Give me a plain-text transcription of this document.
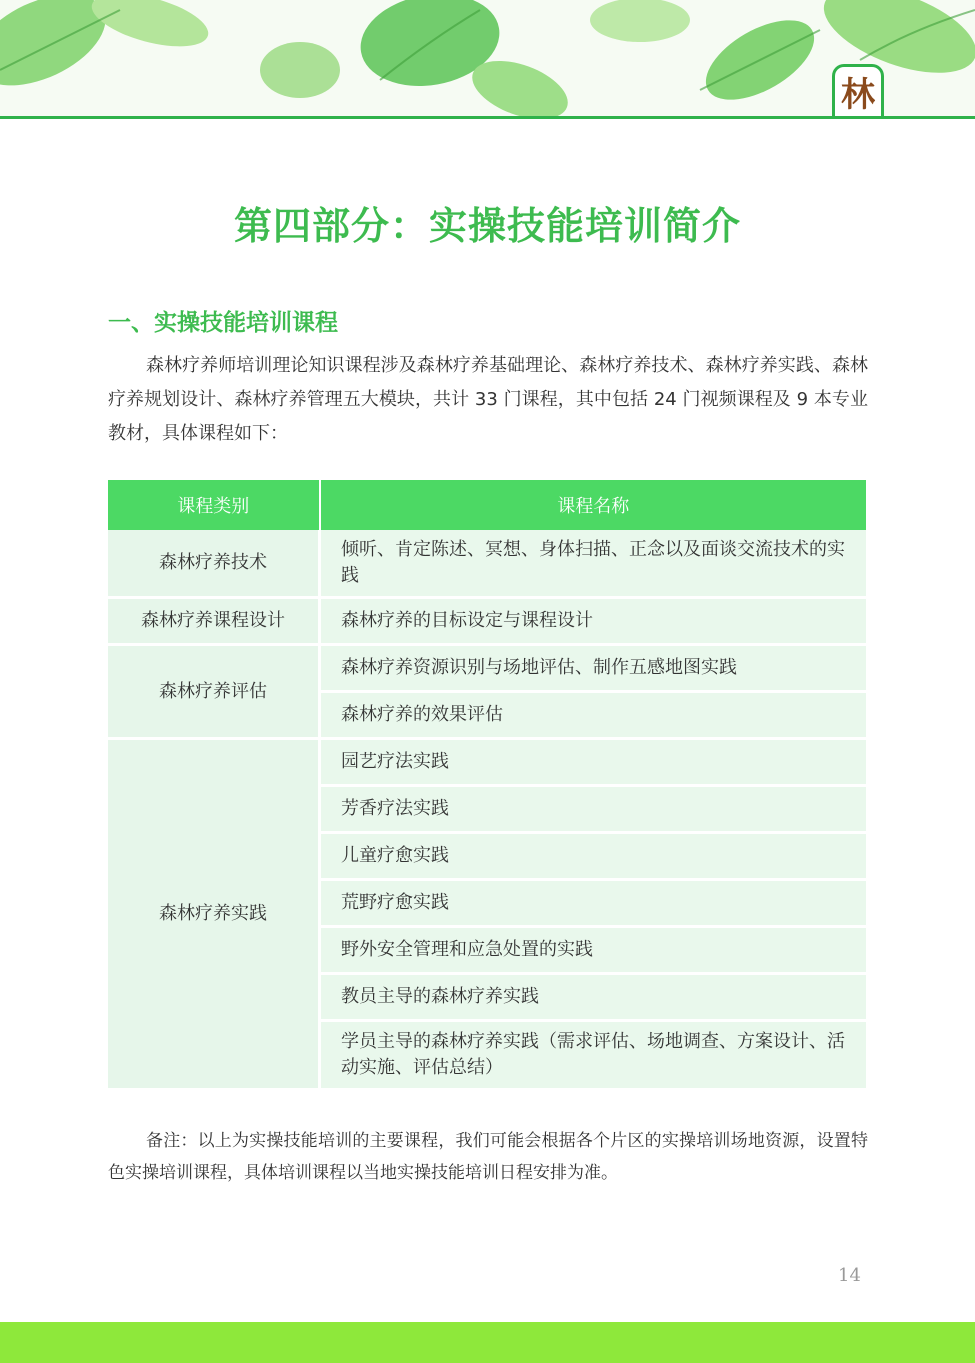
林
第四部分：实操技能培训简介
一、实操技能培训课程
森林疗养师培训理论知识课程涉及森林疗养基础理论、森林疗养技术、森林疗养实践、森林疗养规划设计、森林疗养管理五大模块，共计 33 门课程，其中包括 24 门视频课程及 9 本专业教材，具体课程如下：
课程类别	课程名称
森林疗养技术	倾听、肯定陈述、冥想、身体扫描、正念以及面谈交流技术的实践
森林疗养课程设计	森林疗养的目标设定与课程设计
森林疗养评估	森林疗养资源识别与场地评估、制作五感地图实践
	森林疗养的效果评估
森林疗养实践	园艺疗法实践
	芳香疗法实践
	儿童疗愈实践
	荒野疗愈实践
	野外安全管理和应急处置的实践
	教员主导的森林疗养实践
	学员主导的森林疗养实践（需求评估、场地调查、方案设计、活动实施、评估总结）
备注：以上为实操技能培训的主要课程，我们可能会根据各个片区的实操培训场地资源，设置特色实操培训课程，具体培训课程以当地实操技能培训日程安排为准。
14
